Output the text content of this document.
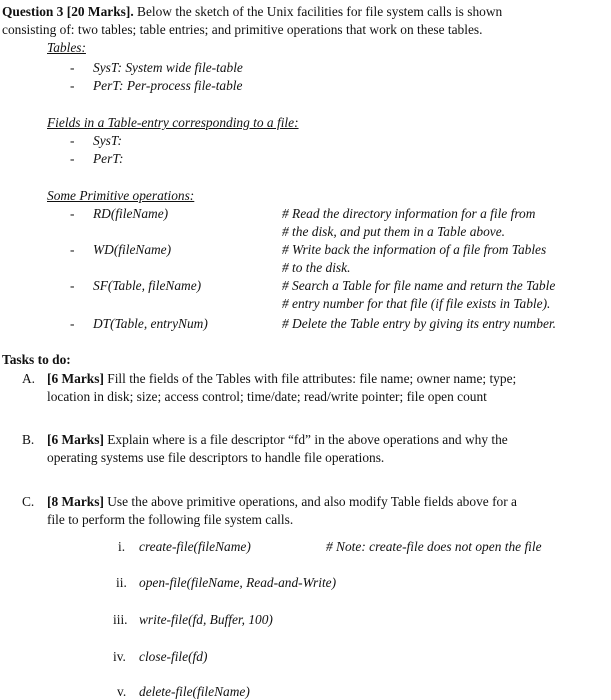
Question 3 [20 Marks]. Below the sketch of the Unix facilities for file system calls is shown
consisting of: two tables; table entries; and primitive operations that work on these tables.
Tables:
- SysT: System wide file-table
- PerT: Per-process file-table
Fields in a Table-entry corresponding to a file:
- SysT:
- PerT:
Some Primitive operations:
- RD(fileName)	# Read the directory information for a file from
# the disk, and put them in a Table above.
- WD(fileName)	# Write back the information of a file from Tables
# to the disk.
- SF(Table, fileName)	# Search a Table for file name and return the Table
# entry number for that file (if file exists in Table).
- DT(Table, entryNum)	# Delete the Table entry by giving its entry number.
Tasks to do:
A. [6 Marks] Fill the fields of the Tables with file attributes: file name; owner name; type;
location in disk; size; access control; time/date; read/write pointer; file open count
B. [6 Marks] Explain where is a file descriptor “fd” in the above operations and why the
operating systems use file descriptors to handle file operations.
C. [8 Marks] Use the above primitive operations, and also modify Table fields above for a
file to perform the following file system calls.
i. create-file(fileName)	# Note: create-file does not open the file
ii. open-file(fileName, Read-and-Write)
iii. write-file(fd, Buffer, 100)
iv. close-file(fd)
v. delete-file(fileName)
